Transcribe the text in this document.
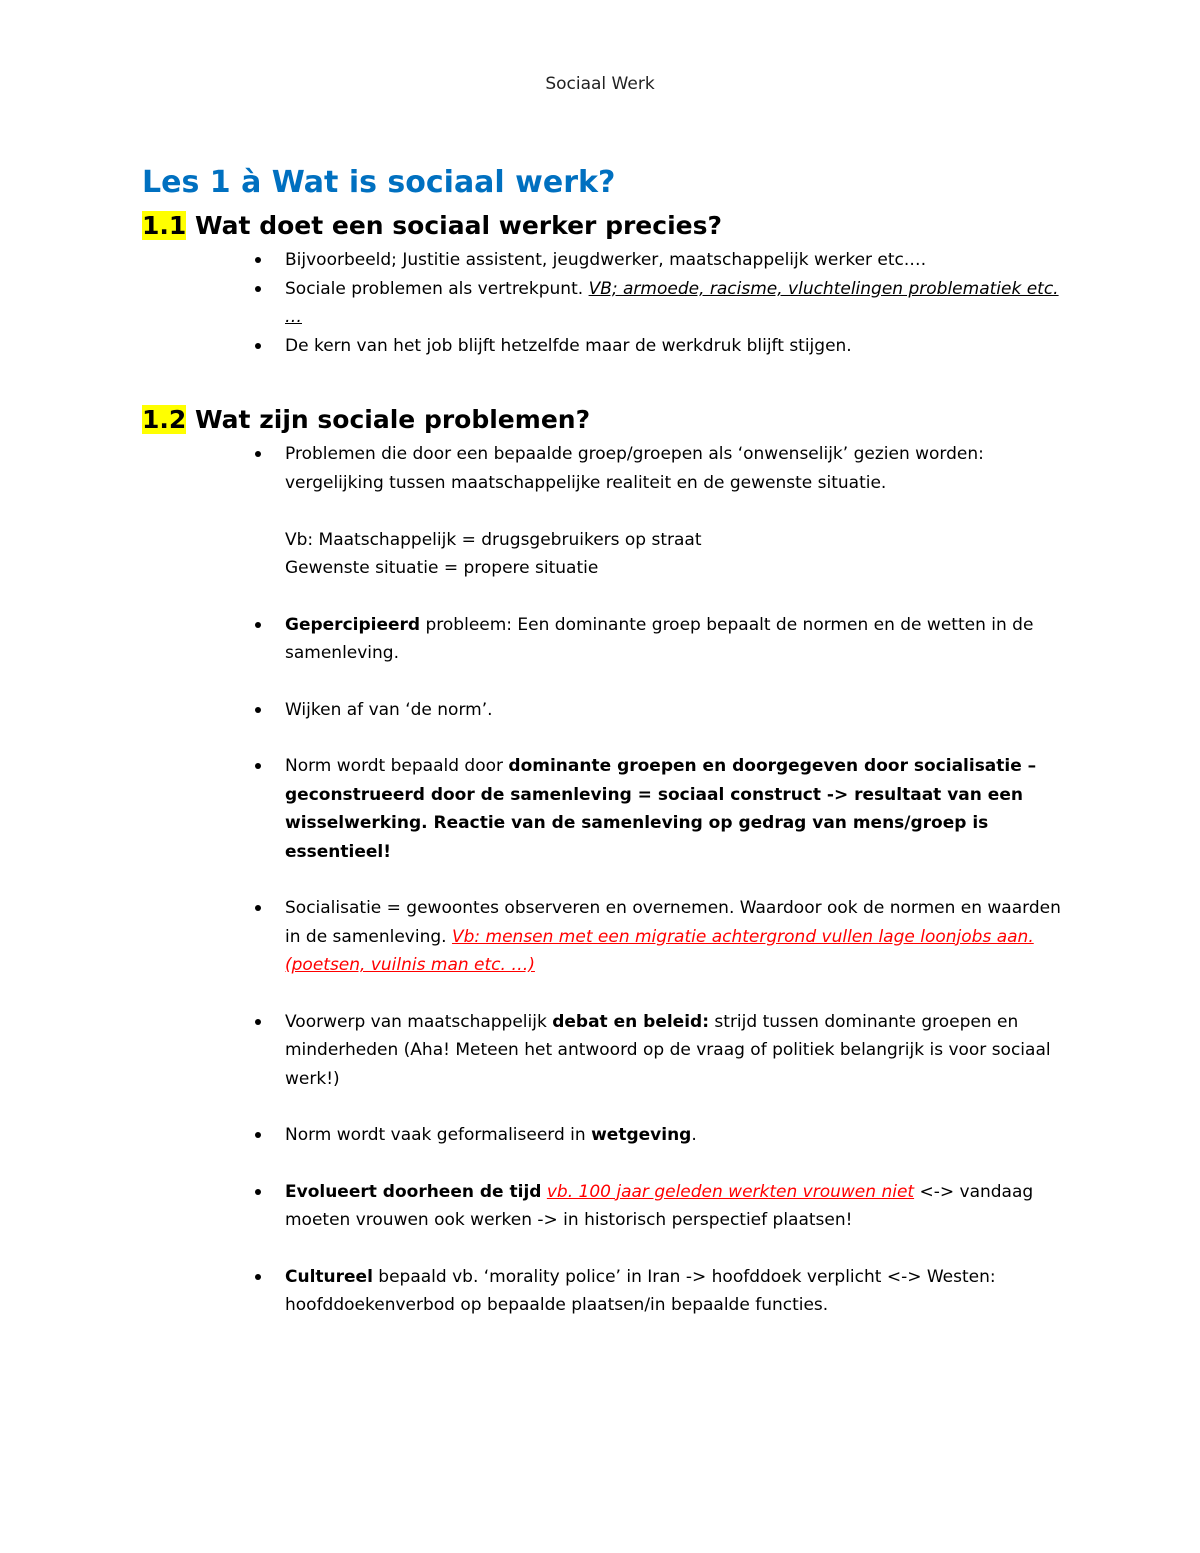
Sociaal Werk
Les 1 à Wat is sociaal werk?
1.1 Wat doet een sociaal werker precies?
Bijvoorbeeld; Justitie assistent, jeugdwerker, maatschappelijk werker etc.…
Sociale problemen als vertrekpunt. VB; armoede, racisme, vluchtelingen problematiek etc. …
De kern van het job blijft hetzelfde maar de werkdruk blijft stijgen.
1.2 Wat zijn sociale problemen?
Problemen die door een bepaalde groep/groepen als ‘onwenselijk’ gezien worden: vergelijking tussen maatschappelijke realiteit en de gewenste situatie.
Vb: Maatschappelijk = drugsgebruikers op straat
Gewenste situatie = propere situatie
Gepercipieerd probleem: Een dominante groep bepaalt de normen en de wetten in de samenleving.
Wijken af van ‘de norm’.
Norm wordt bepaald door dominante groepen en doorgegeven door socialisatie – geconstrueerd door de samenleving = sociaal construct -> resultaat van een wisselwerking. Reactie van de samenleving op gedrag van mens/groep is essentieel!
Socialisatie = gewoontes observeren en overnemen. Waardoor ook de normen en waarden in de samenleving. Vb: mensen met een migratie achtergrond vullen lage loonjobs aan. (poetsen, vuilnis man etc. …)
Voorwerp van maatschappelijk debat en beleid: strijd tussen dominante groepen en minderheden (Aha! Meteen het antwoord op de vraag of politiek belangrijk is voor sociaal werk!)
Norm wordt vaak geformaliseerd in wetgeving.
Evolueert doorheen de tijd vb. 100 jaar geleden werkten vrouwen niet <-> vandaag moeten vrouwen ook werken -> in historisch perspectief plaatsen!
Cultureel bepaald vb. ‘morality police’ in Iran -> hoofddoek verplicht <-> Westen: hoofddoekenverbod op bepaalde plaatsen/in bepaalde functies.
